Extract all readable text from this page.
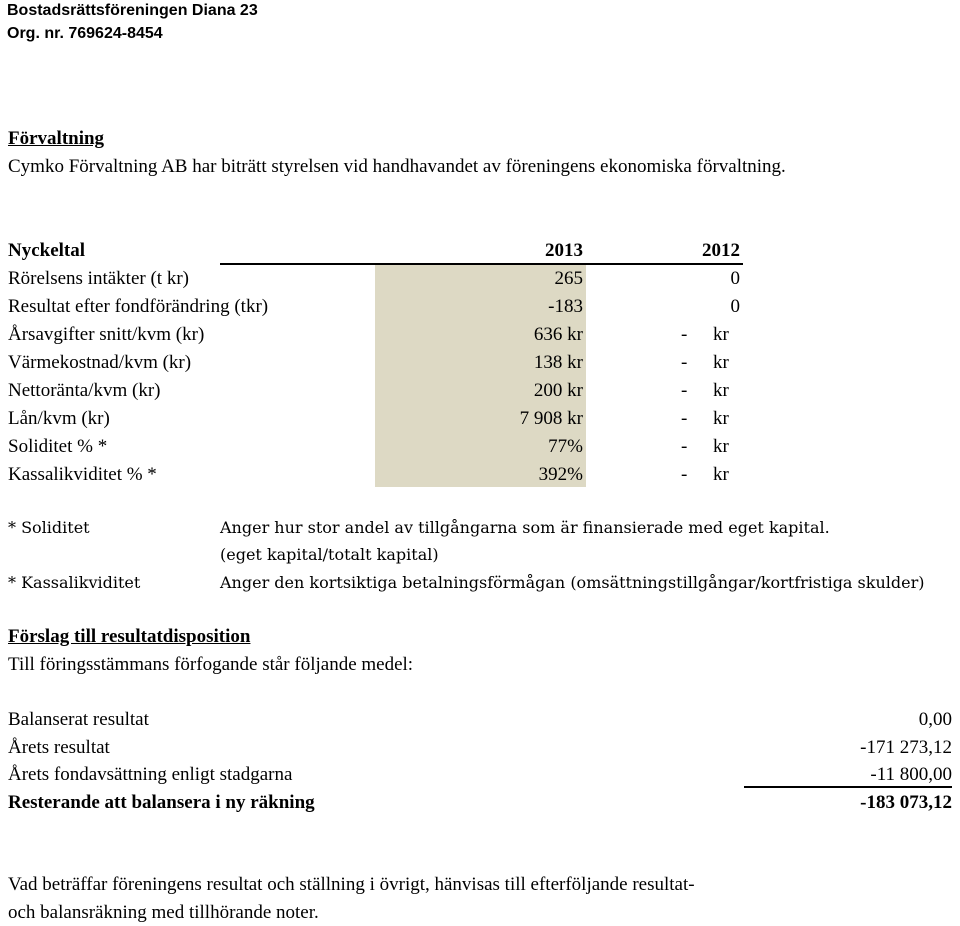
Bostadsrättsföreningen Diana 23
Org. nr. 769624-8454
Förvaltning
Cymko Förvaltning AB har biträtt styrelsen vid handhavandet av föreningens ekonomiska förvaltning.
Nyckeltal	2013	2012
Rörelsens intäkter (t kr)	265	0
Resultat efter fondförändring (tkr)	-183	0
Årsavgifter snitt/kvm (kr)	636 kr	- kr
Värmekostnad/kvm (kr)	138 kr	- kr
Nettoränta/kvm (kr)	200 kr	- kr
Lån/kvm (kr)	7 908 kr	- kr
Soliditet % *	77%	- kr
Kassalikviditet % *	392%	- kr
* Soliditet	Anger hur stor andel av tillgångarna som är finansierade med eget kapital.
(eget kapital/totalt kapital)
* Kassalikviditet	Anger den kortsiktiga betalningsförmågan (omsättningstillgångar/kortfristiga skulder)
Förslag till resultatdisposition
Till föringsstämmans förfogande står följande medel:
Balanserat resultat	0,00
Årets resultat	-171 273,12
Årets fondavsättning enligt stadgarna	-11 800,00
Resterande att balansera i ny räkning	-183 073,12
Vad beträffar föreningens resultat och ställning i övrigt, hänvisas till efterföljande resultat-
och balansräkning med tillhörande noter.
